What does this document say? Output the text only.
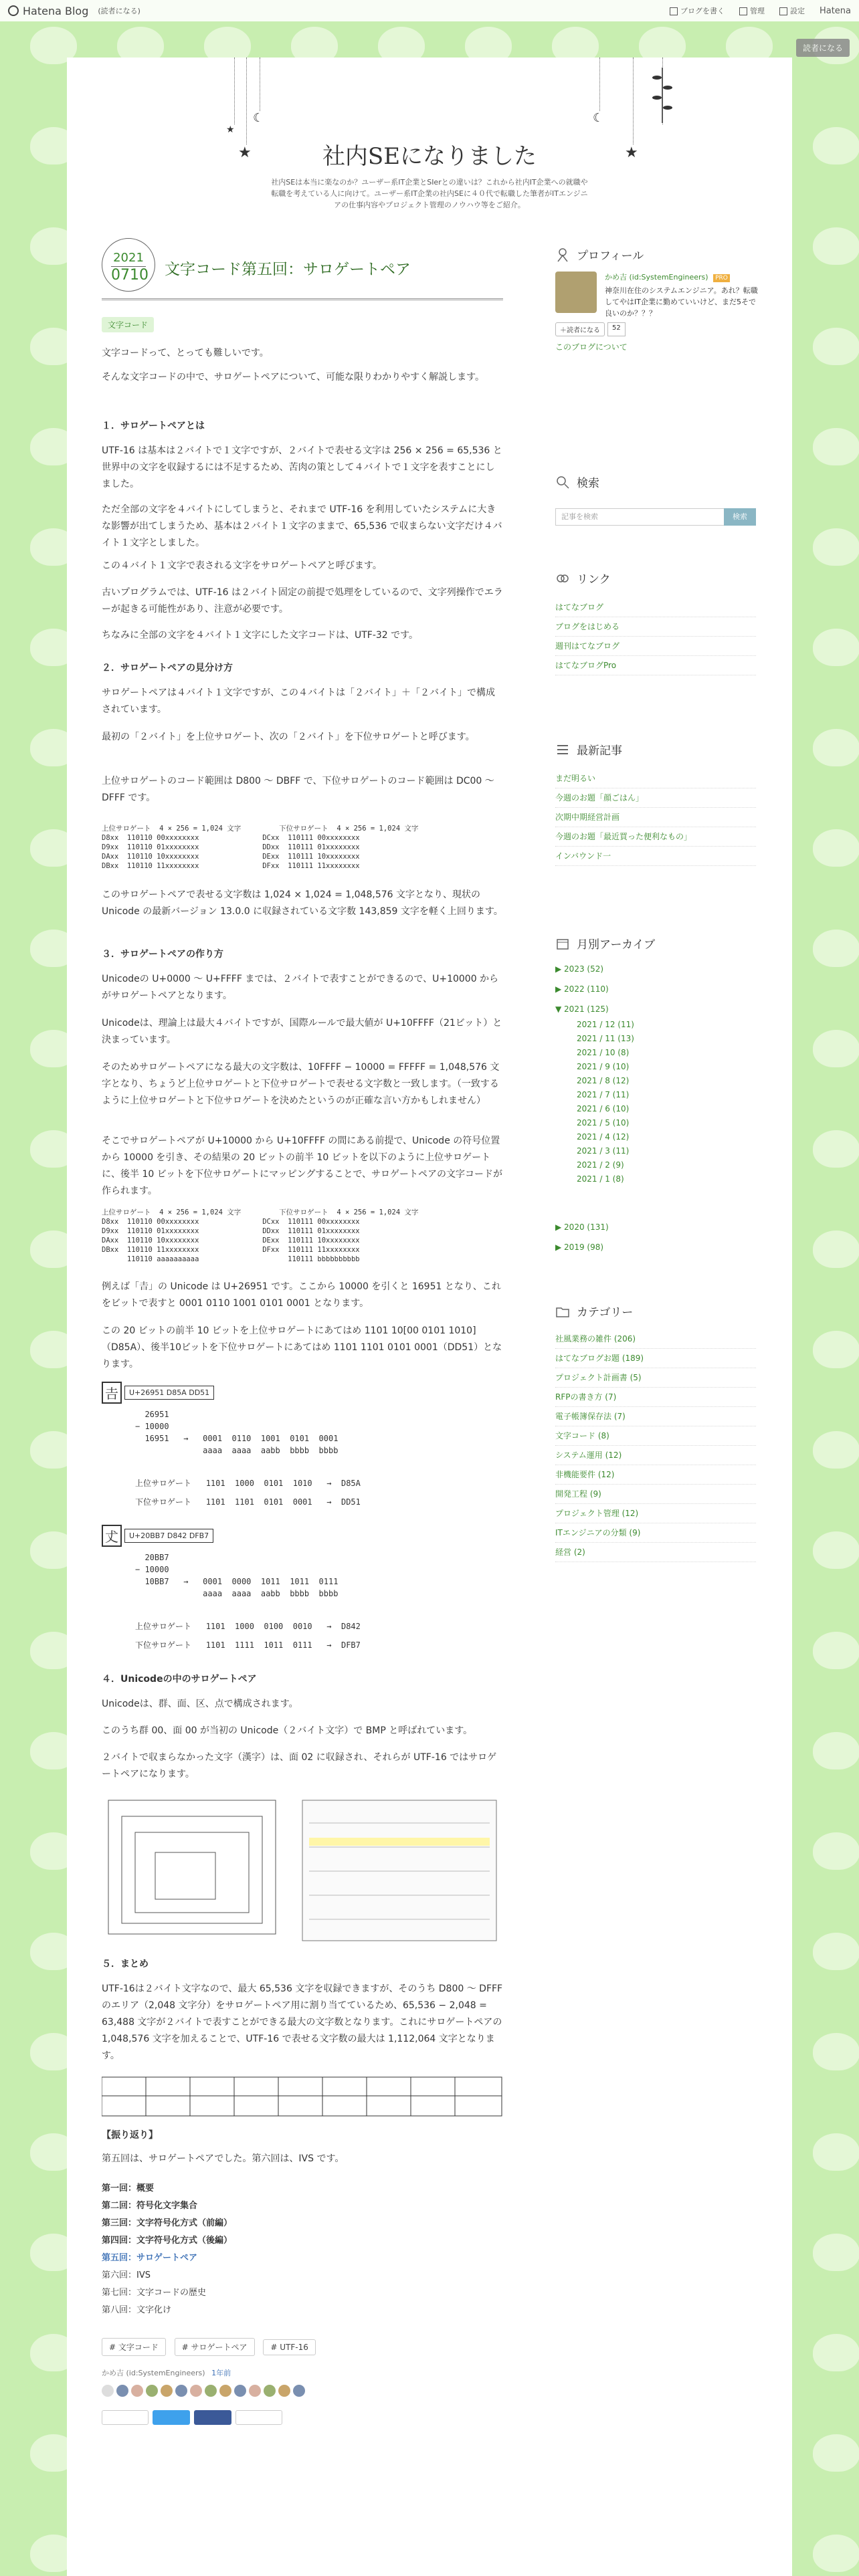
Hatena Blog (読者になる)	ブログを書く	管理	設定 Hatena
読者になる
★
☾
★
☾
★
社内SEになりました
社内SEは本当に楽なのか？ユーザー系IT企業とSIerとの違いは？これから社内IT企業への就職や転職を考えている人に向けて。ユーザー系IT企業の社内SEに４０代で転職した筆者がITエンジニアの仕事内容やプロジェクト管理のノウハウ等をご紹介。
2021
0710 文字コード第五回：サロゲートペア
文字コード
文字コードって、とっても難しいです。
そんな文字コードの中で、サロゲートペアについて、可能な限りわかりやすく解説します。
１．サロゲートペアとは
UTF-16 は基本は２バイトで１文字ですが、２バイトで表せる文字は 256 × 256 = 65,536 と世界中の文字を収録するには不足するため、苦肉の策として４バイトで１文字を表すことにしました。
ただ全部の文字を４バイトにしてしまうと、それまで UTF-16 を利用していたシステムに大きな影響が出てしまうため、基本は２バイト１文字のままで、65,536 で収まらない文字だけ４バイト１文字としました。
この４バイト１文字で表される文字をサロゲートペアと呼びます。
古いプログラムでは、UTF-16 は２バイト固定の前提で処理をしているので、文字列操作でエラーが起きる可能性があり、注意が必要です。
ちなみに全部の文字を４バイト１文字にした文字コードは、UTF-32 です。
２．サロゲートペアの見分け方
サロゲートペアは４バイト１文字ですが、この４バイトは「２バイト」＋「２バイト」で構成されています。
最初の「２バイト」を上位サロゲート、次の「２バイト」を下位サロゲートと呼びます。
上位サロゲートのコード範囲は D800 〜 DBFF で、下位サロゲートのコード範囲は DC00 〜 DFFF です。
上位サロゲート  4 × 256 = 1,024 文字         下位サロゲート  4 × 256 = 1,024 文字
D8xx  110110 00xxxxxxxx               DCxx  110111 00xxxxxxxx
D9xx  110110 01xxxxxxxx               DDxx  110111 01xxxxxxxx
DAxx  110110 10xxxxxxxx               DExx  110111 10xxxxxxxx
DBxx  110110 11xxxxxxxx               DFxx  110111 11xxxxxxxx
このサロゲートペアで表せる文字数は 1,024 × 1,024 = 1,048,576 文字となり、現状の Unicode の最新バージョン 13.0.0 に収録されている文字数 143,859 文字を軽く上回ります。
３．サロゲートペアの作り方
Unicodeの U+0000 〜 U+FFFF までは、２バイトで表すことができるので、U+10000 からがサロゲートペアとなります。
Unicodeは、理論上は最大４バイトですが、国際ルールで最大値が U+10FFFF（21ビット）と決まっています。
そのためサロゲートペアになる最大の文字数は、10FFFF − 10000 = FFFFF = 1,048,576 文字となり、ちょうど上位サロゲートと下位サロゲートで表せる文字数と一致します。（一致するように上位サロゲートと下位サロゲートを決めたというのが正確な言い方かもしれません）
そこでサロゲートペアが U+10000 から U+10FFFF の間にある前提で、Unicode の符号位置から 10000 を引き、その結果の 20 ビットの前半 10 ビットを以下のように上位サロゲートに、後半 10 ビットを下位サロゲートにマッピングすることで、サロゲートペアの文字コードが作られます。
上位サロゲート  4 × 256 = 1,024 文字         下位サロゲート  4 × 256 = 1,024 文字
D8xx  110110 00xxxxxxxx               DCxx  110111 00xxxxxxxx
D9xx  110110 01xxxxxxxx               DDxx  110111 01xxxxxxxx
DAxx  110110 10xxxxxxxx               DExx  110111 10xxxxxxxx
DBxx  110110 11xxxxxxxx               DFxx  110111 11xxxxxxxx
110110 aaaaaaaaaa                     110111 bbbbbbbbbb
例えば「𠮷」の Unicode は U+26951 です。ここから 10000 を引くと 16951 となり、これをビットで表すと 0001 0110 1001 0101 0001 となります。
この 20 ビットの前半 10 ビットを上位サロゲートにあてはめ 1101 10[00 0101 1010]（D85A）、後半10ビットを下位サロゲートにあてはめ 1101 1101 0101 0001（DD51）となります。
𠮷	U+26951 D85A DD51
26951
− 10000
16951   →   0001  0110  1001  0101  0001
aaaa  aaaa  aabb  bbbb  bbbb
上位サロゲート   1101  1000  0101  1010   →  D85A
下位サロゲート   1101  1101  0101  0001   →  DD51
𠀋	U+20BB7 D842 DFB7
20BB7
− 10000
10BB7   →   0001  0000  1011  1011  0111
aaaa  aaaa  aabb  bbbb  bbbb
上位サロゲート   1101  1000  0100  0010   →  D842
下位サロゲート   1101  1111  1011  0111   →  DFB7
４．Unicodeの中のサロゲートペア
Unicodeは、群、面、区、点で構成されます。
このうち群 00、面 00 が当初の Unicode（２バイト文字）で BMP と呼ばれています。
２バイトで収まらなかった文字（漢字）は、面 02 に収録され、それらが UTF-16 ではサロゲートペアになります。
５．まとめ
UTF-16は２バイト文字なので、最大 65,536 文字を収録できますが、そのうち D800 〜 DFFF のエリア（2,048 文字分）をサロゲートペア用に割り当てているため、65,536 − 2,048 = 63,488 文字が２バイトで表すことができる最大の文字数となります。これにサロゲートペアの 1,048,576 文字を加えることで、UTF-16 で表せる文字数の最大は 1,112,064 文字となります。
【振り返り】
第五回は、サロゲートペアでした。第六回は、IVS です。
第一回：概要
第二回：符号化文字集合
第三回：文字符号化方式（前編）
第四回：文字符号化方式（後編）
第五回：サロゲートペア
第六回：IVS
第七回：文字コードの歴史
第八回：文字化け
# 文字コード	# サロゲートペア	# UTF-16
かめ吉 (id:SystemEngineers) 1年前
プロフィール
かめ吉 (id:SystemEngineers) PRO
神奈川在住のシステムエンジニア。あれ？転職してやはIT企業に勤めていいけど、まだ5そで良いのか？？？
＋読者になる	52
このブログについて
検索
記事を検索	検索
リンク
はてなブログ
ブログをはじめる
週刊はてなブログ
はてなブログPro
最新記事
まだ明るい
今週のお題「顔ごはん」
次期中期経営計画
今週のお題「最近買った便利なもの」
インバウンド一
月別アーカイブ
▶ 2023 (52)
▶ 2022 (110)
▼ 2021 (125)
2021 / 12 (11)
2021 / 11 (13)
2021 / 10 (8)
2021 / 9 (10)
2021 / 8 (12)
2021 / 7 (11)
2021 / 6 (10)
2021 / 5 (10)
2021 / 4 (12)
2021 / 3 (11)
2021 / 2 (9)
2021 / 1 (8)
▶ 2020 (131)
▶ 2019 (98)
カテゴリー
社風業務の雑件 (206)
はてなブログお題 (189)
プロジェクト計画書 (5)
RFPの書き方 (7)
電子帳簿保存法 (7)
文字コード (8)
システム運用 (12)
非機能要件 (12)
開発工程 (9)
プロジェクト管理 (12)
ITエンジニアの分類 (9)
経営 (2)
